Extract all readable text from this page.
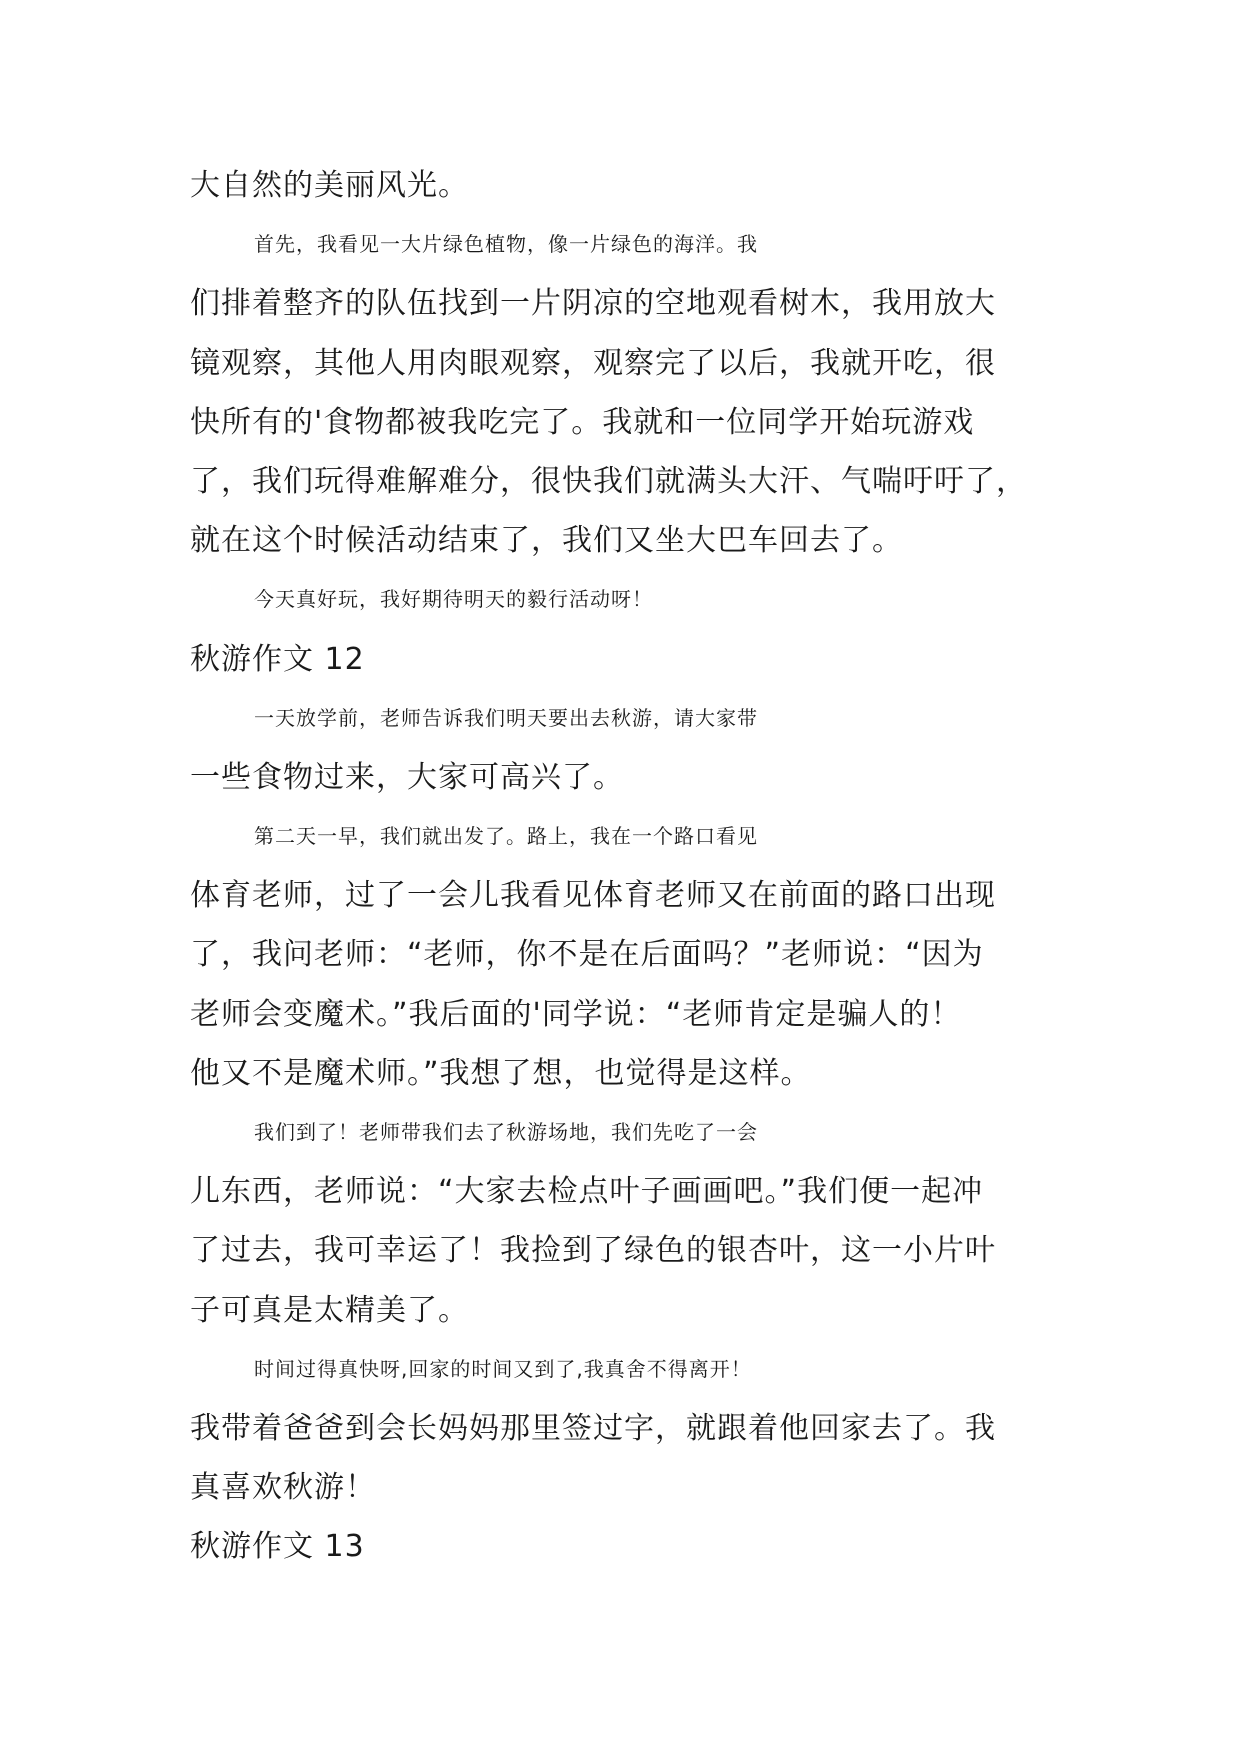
大自然的美丽风光。
首先，我看见一大片绿色植物，像一片绿色的海洋。我
们排着整齐的队伍找到一片阴凉的空地观看树木，我用放大
镜观察，其他人用肉眼观察，观察完了以后，我就开吃，很
快所有的'食物都被我吃完了。我就和一位同学开始玩游戏
了，我们玩得难解难分，很快我们就满头大汗、气喘吁吁了，
就在这个时候活动结束了，我们又坐大巴车回去了。
今天真好玩，我好期待明天的毅行活动呀！
秋游作文 12
一天放学前，老师告诉我们明天要出去秋游，请大家带
一些食物过来，大家可高兴了。
第二天一早，我们就出发了。路上，我在一个路口看见
体育老师，过了一会儿我看见体育老师又在前面的路口出现
了，我问老师：“老师，你不是在后面吗？”老师说：“因为
老师会变魔术。”我后面的'同学说：“老师肯定是骗人的！
他又不是魔术师。”我想了想，也觉得是这样。
我们到了！老师带我们去了秋游场地，我们先吃了一会
儿东西，老师说：“大家去检点叶子画画吧。”我们便一起冲
了过去，我可幸运了！我捡到了绿色的银杏叶，这一小片叶
子可真是太精美了。
时间过得真快呀,回家的时间又到了,我真舍不得离开！
我带着爸爸到会长妈妈那里签过字，就跟着他回家去了。我
真喜欢秋游！
秋游作文 13
